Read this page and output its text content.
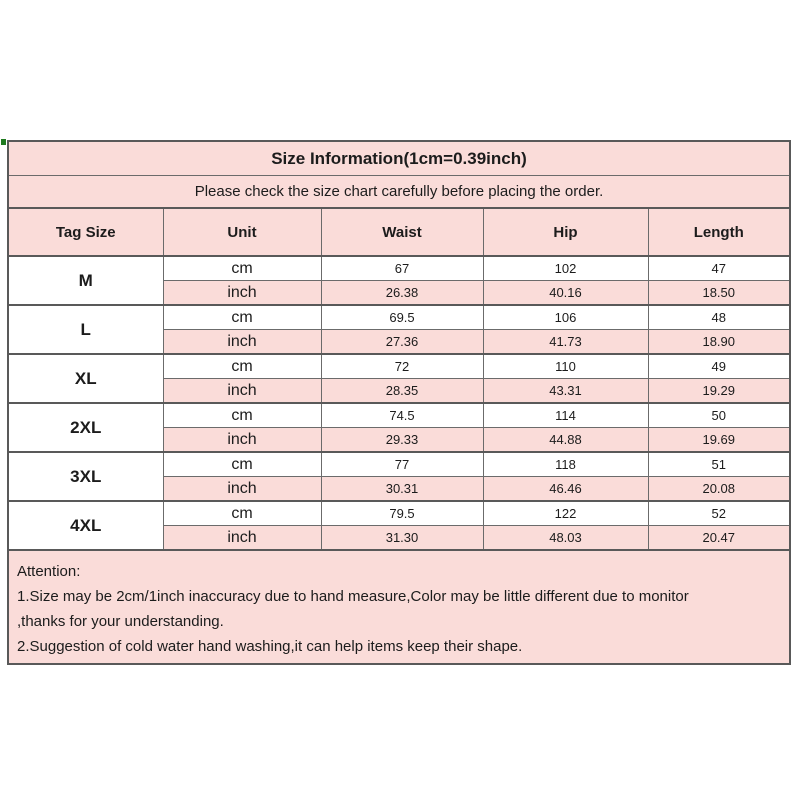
Size Information(1cm=0.39inch)				
Please check the size chart carefully before placing the order.				
Tag Size	Unit	Waist	Hip	Length
M	cm	67	102	47
	inch	26.38	40.16	18.50
L	cm	69.5	106	48
	inch	27.36	41.73	18.90
XL	cm	72	110	49
	inch	28.35	43.31	19.29
2XL	cm	74.5	114	50
	inch	29.33	44.88	19.69
3XL	cm	77	118	51
	inch	30.31	46.46	20.08
4XL	cm	79.5	122	52
	inch	31.30	48.03	20.47

Attention:
1.Size may be 2cm/1inch inaccuracy due to hand measure,Color may be little different due to monitor
,thanks for your understanding.
2.Suggestion of cold water hand washing,it can help items keep their shape.				
